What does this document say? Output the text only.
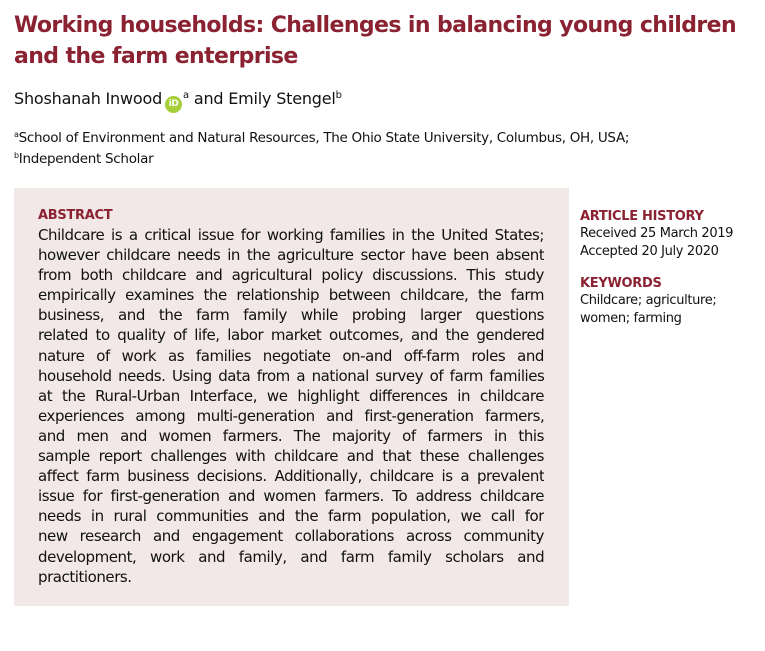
Working households: Challenges in balancing young children and the farm enterprise
Shoshanah Inwood $iD^a$ and Emily Stengel$^b$
$^a$School of Environment and Natural Resources, The Ohio State University, Columbus, OH, USA;
$^b$Independent Scholar
ABSTRACT
Childcare is a critical issue for working families in the United States;
however childcare needs in the agriculture sector have been absent
from both childcare and agricultural policy discussions. This study
empirically examines the relationship between childcare, the farm
business, and the farm family while probing larger questions
related to quality of life, labor market outcomes, and the gendered
nature of work as families negotiate on-and off-farm roles and
household needs. Using data from a national survey of farm families
at the Rural-Urban Interface, we highlight differences in childcare
experiences among multi-generation and first-generation farmers,
and men and women farmers. The majority of farmers in this
sample report challenges with childcare and that these challenges
affect farm business decisions. Additionally, childcare is a prevalent
issue for first-generation and women farmers. To address childcare
needs in rural communities and the farm population, we call for
new research and engagement collaborations across community
development, work and family, and farm family scholars and
practitioners.
ARTICLE HISTORY
Received 25 March 2019
Accepted 20 July 2020
KEYWORDS
Childcare; agriculture;
women; farming
